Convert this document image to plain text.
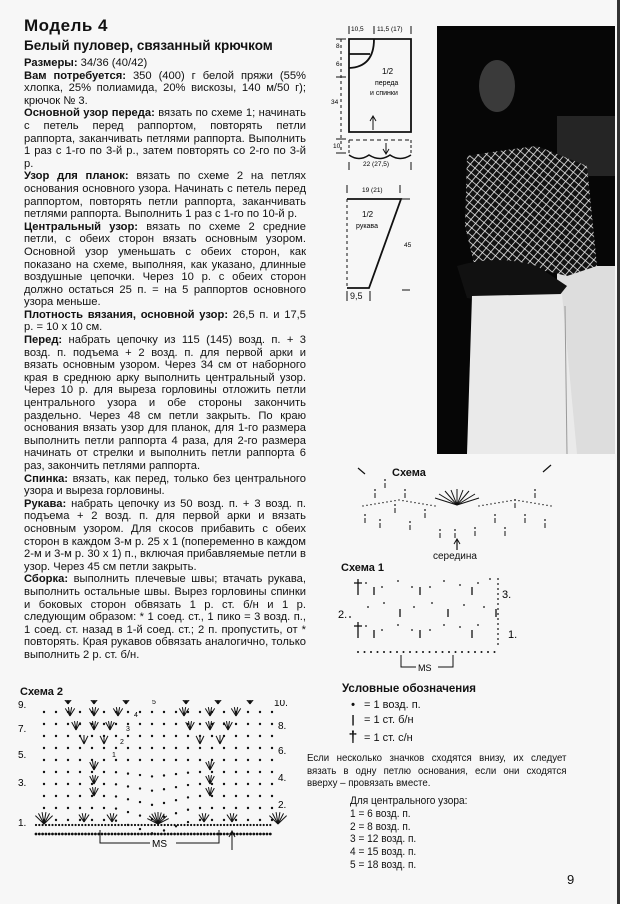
Модель 4
Белый пуловер, связанный крючком

Размеры: 34/36 (40/42)

Вам потребуется: 350 (400) г белой пряжи (55% хлопка, 25% полиамида, 20% вискозы, 140 м/50 г); крючок № 3.

Основной узор переда: вязать по схеме 1; начинать с петель перед раппортом, повторять петли раппорта, заканчивать петлями раппорта. Выполнить 1 раз с 1-го по 3-й р., затем повторять со 2-го по 3-й р.

Узор для планок: вязать по схеме 2 на петлях основания основного узора. Начинать с петель перед раппортом, повторять петли раппорта, заканчивать петлями раппорта. Выполнить 1 раз с 1-го по 10-й р.

Центральный узор: вязать по схеме 2 средние петли, с обеих сторон вязать основным узором. Основной узор уменьшать с обеих сторон, как показано на схеме, выполняя, как указано, длинные воздушные цепочки. Через 10 р. с обеих сторон должно остаться 25 п. = на 5 раппортов основного узора меньше.

Плотность вязания, основной узор: 26,5 п. и 17,5 р. = 10 х 10 см.

Перед: набрать цепочку из 115 (145) возд. п. + 3 возд. п. подъема + 2 возд. п. для первой арки и вязать основным узором. Через 34 см от наборного края в среднюю арку выполнить центральный узор. Через 10 р. для выреза горловины отложить петли центрального узора и обе стороны закончить раздельно. Через 48 см петли закрыть. По краю основания вязать узор для планок, для 1-го размера выполнить петли раппорта 4 раза, для 2-го размера начинать от стрелки и выполнить петли раппорта 6 раз, закончить петлями раппорта.

Спинка: вязать, как перед, только без центрального узора и выреза горловины.

Рукава: набрать цепочку из 50 возд. п. + 3 возд. п. подъема + 2 возд. п. для первой арки и вязать основным узором. Для скосов прибавить с обеих сторон в каждом 3-м р. 25 х 1 (попеременно в каждом 2-м и 3-м р. 30 х 1) п., включая прибавляемые петли в узор. Через 45 см петли закрыть.

Сборка: выполнить плечевые швы; втачать рукава, выполнить остальные швы. Вырез горловины спинки и боковых сторон обвязать 1 р. ст. б/н и 1 р. следующим образом: * 1 соед. ст., 1 пико = 3 возд. п., 1 соед. ст. назад в 1-й соед. ст.; 2 п. пропустить, от * повторять. Края рукавов обвязать аналогично, только выполнить 2 р. ст. б/н.

10,5 11,5 (17)
8
6
34
10
22 (27,5)
1/2
переда
и спинки
19 (21)
45
1/2
рукава
9,5
Схема
середина
Схема 1
MS
1.
2.
3.
Схема 2
MS
1.
3.
5.
7.
9.
2.
4.
6.
8.
10.
1
2
3
4
5
Условные обозначения
• = 1 возд. п.
| = 1 ст. б/н
† = 1 ст. с/н
Если несколько значков сходятся внизу, их следует вязать в одну петлю основания, если они сходятся вверху – провязать вместе.
Для центрального узора:
1 = 6 возд. п.
2 = 8 возд. п.
3 = 12 возд. п.
4 = 15 возд. п.
5 = 18 возд. п.
9
